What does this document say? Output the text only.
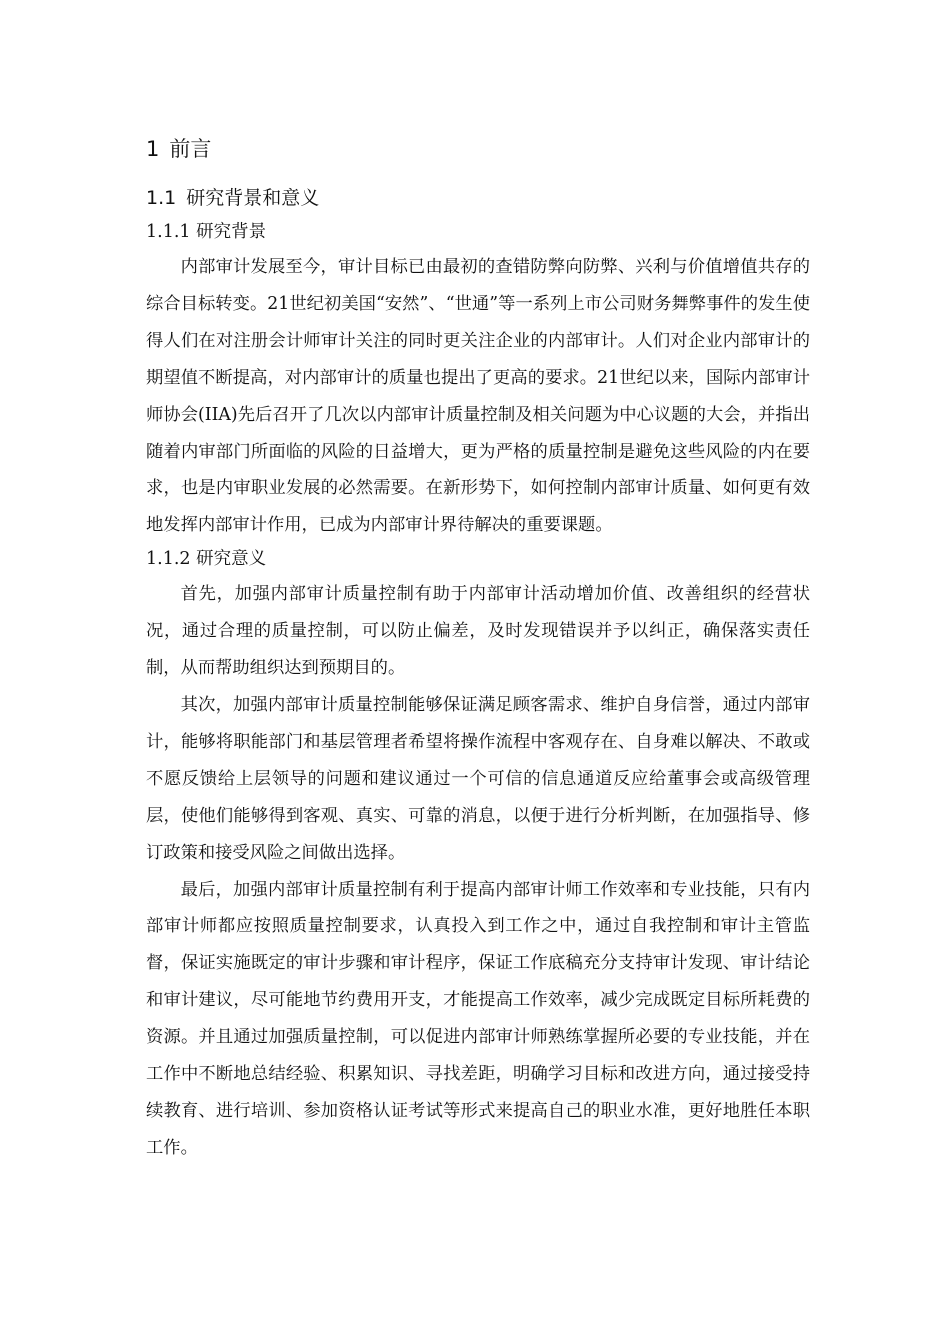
1 前言
1.1 研究背景和意义
1.1.1 研究背景

内部审计发展至今，审计目标已由最初的查错防弊向防弊、兴利与价值增值共存的综合目标转变。21世纪初美国“安然”、“世通”等一系列上市公司财务舞弊事件的发生使得人们在对注册会计师审计关注的同时更关注企业的内部审计。人们对企业内部审计的期望值不断提高，对内部审计的质量也提出了更高的要求。21世纪以来，国际内部审计师协会(IIA)先后召开了几次以内部审计质量控制及相关问题为中心议题的大会，并指出随着内审部门所面临的风险的日益增大，更为严格的质量控制是避免这些风险的内在要求，也是内审职业发展的必然需要。在新形势下，如何控制内部审计质量、如何更有效地发挥内部审计作用，已成为内部审计界待解决的重要课题。

1.1.2 研究意义

首先，加强内部审计质量控制有助于内部审计活动增加价值、改善组织的经营状况，通过合理的质量控制，可以防止偏差，及时发现错误并予以纠正，确保落实责任制，从而帮助组织达到预期目的。

其次，加强内部审计质量控制能够保证满足顾客需求、维护自身信誉，通过内部审计，能够将职能部门和基层管理者希望将操作流程中客观存在、自身难以解决、不敢或不愿反馈给上层领导的问题和建议通过一个可信的信息通道反应给董事会或高级管理层，使他们能够得到客观、真实、可靠的消息，以便于进行分析判断，在加强指导、修订政策和接受风险之间做出选择。

最后，加强内部审计质量控制有利于提高内部审计师工作效率和专业技能，只有内部审计师都应按照质量控制要求，认真投入到工作之中，通过自我控制和审计主管监督，保证实施既定的审计步骤和审计程序，保证工作底稿充分支持审计发现、审计结论和审计建议，尽可能地节约费用开支，才能提高工作效率，减少完成既定目标所耗费的资源。并且通过加强质量控制，可以促进内部审计师熟练掌握所必要的专业技能，并在工作中不断地总结经验、积累知识、寻找差距，明确学习目标和改进方向，通过接受持续教育、进行培训、参加资格认证考试等形式来提高自己的职业水准，更好地胜任本职工作。
